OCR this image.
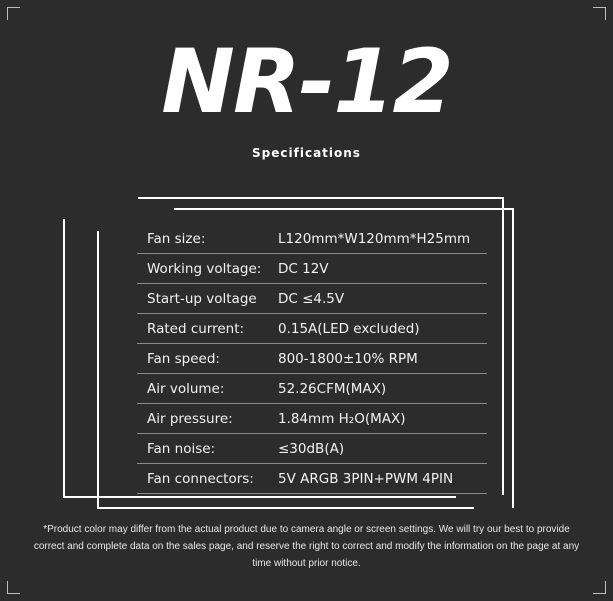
NR-12
Specifications
Fan size:	L120mm*W120mm*H25mm
Working voltage:	DC 12V
Start-up voltage	DC ≤4.5V
Rated current:	0.15A(LED excluded)
Fan speed:	800-1800±10% RPM
Air volume:	52.26CFM(MAX)
Air pressure:	1.84mm H₂O(MAX)
Fan noise:	≤30dB(A)
Fan connectors:	5V ARGB 3PIN+PWM 4PIN
*Product color may differ from the actual product due to camera angle or screen settings. We will try our best to provide correct and complete data on the sales page, and reserve the right to correct and modify the information on the page at any time without prior notice.
